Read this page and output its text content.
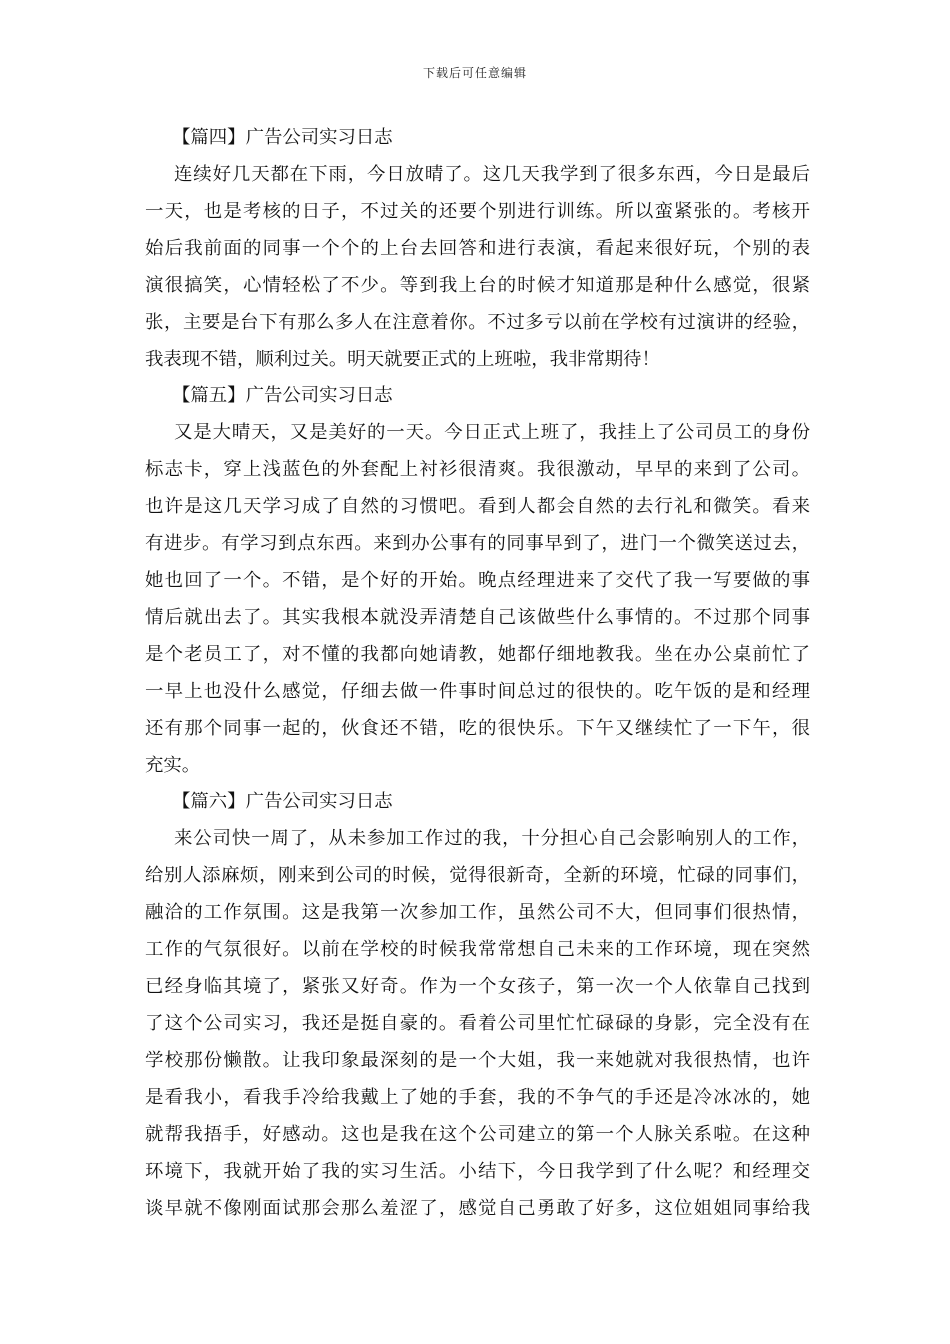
下载后可任意编辑
【篇四】广告公司实习日志
连续好几天都在下雨，今日放晴了。这几天我学到了很多东西，今日是最后
一天，也是考核的日子，不过关的还要个别进行训练。所以蛮紧张的。考核开
始后我前面的同事一个个的上台去回答和进行表演，看起来很好玩，个别的表
演很搞笑，心情轻松了不少。等到我上台的时候才知道那是种什么感觉，很紧
张，主要是台下有那么多人在注意着你。不过多亏以前在学校有过演讲的经验，
我表现不错，顺利过关。明天就要正式的上班啦，我非常期待！
【篇五】广告公司实习日志
又是大晴天，又是美好的一天。今日正式上班了，我挂上了公司员工的身份
标志卡，穿上浅蓝色的外套配上衬衫很清爽。我很激动，早早的来到了公司。
也许是这几天学习成了自然的习惯吧。看到人都会自然的去行礼和微笑。看来
有进步。有学习到点东西。来到办公事有的同事早到了，进门一个微笑送过去，
她也回了一个。不错，是个好的开始。晚点经理进来了交代了我一写要做的事
情后就出去了。其实我根本就没弄清楚自己该做些什么事情的。不过那个同事
是个老员工了，对不懂的我都向她请教，她都仔细地教我。坐在办公桌前忙了
一早上也没什么感觉，仔细去做一件事时间总过的很快的。吃午饭的是和经理
还有那个同事一起的，伙食还不错，吃的很快乐。下午又继续忙了一下午，很
充实。
【篇六】广告公司实习日志
来公司快一周了，从未参加工作过的我，十分担心自己会影响别人的工作，
给别人添麻烦，刚来到公司的时候，觉得很新奇，全新的环境，忙碌的同事们，
融洽的工作氛围。这是我第一次参加工作，虽然公司不大，但同事们很热情，
工作的气氛很好。以前在学校的时候我常常想自己未来的工作环境，现在突然
已经身临其境了，紧张又好奇。作为一个女孩子，第一次一个人依靠自己找到
了这个公司实习，我还是挺自豪的。看着公司里忙忙碌碌的身影，完全没有在
学校那份懒散。让我印象最深刻的是一个大姐，我一来她就对我很热情，也许
是看我小，看我手冷给我戴上了她的手套，我的不争气的手还是冷冰冰的，她
就帮我捂手，好感动。这也是我在这个公司建立的第一个人脉关系啦。在这种
环境下，我就开始了我的实习生活。小结下，今日我学到了什么呢？和经理交
谈早就不像刚面试那会那么羞涩了，感觉自己勇敢了好多，这位姐姐同事给我
